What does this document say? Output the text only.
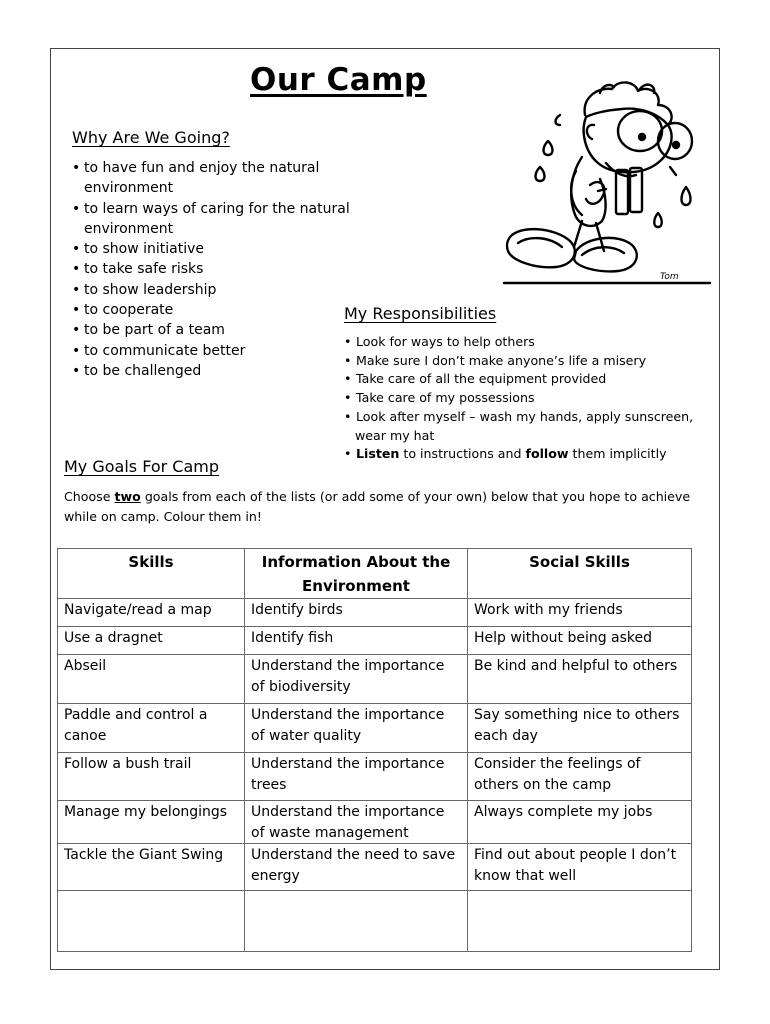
Our Camp
Why Are We Going?
• to have fun and enjoy the natural environment
• to learn ways of caring for the natural environment
• to show initiative
• to take safe risks
• to show leadership
• to cooperate
• to be part of a team
• to communicate better
• to be challenged
Tom
My Responsibilities
• Look for ways to help others
• Make sure I don’t make anyone’s life a misery
• Take care of all the equipment provided
• Take care of my possessions
• Look after myself – wash my hands, apply sunscreen, wear my hat
• Listen to instructions and follow them implicitly
My Goals For Camp
Choose two goals from each of the lists (or add some of your own) below that you hope to achieve while on camp. Colour them in!
Skills	Information About the Environment	Social Skills
Navigate/read a map	Identify birds	Work with my friends
Use a dragnet	Identify fish	Help without being asked
Abseil	Understand the importance of biodiversity	Be kind and helpful to others
Paddle and control a canoe	Understand the importance of water quality	Say something nice to others each day
Follow a bush trail	Understand the importance trees	Consider the feelings of others on the camp
Manage my belongings	Understand the importance of waste management	Always complete my jobs
Tackle the Giant Swing	Understand the need to save energy	Find out about people I don’t know that well
